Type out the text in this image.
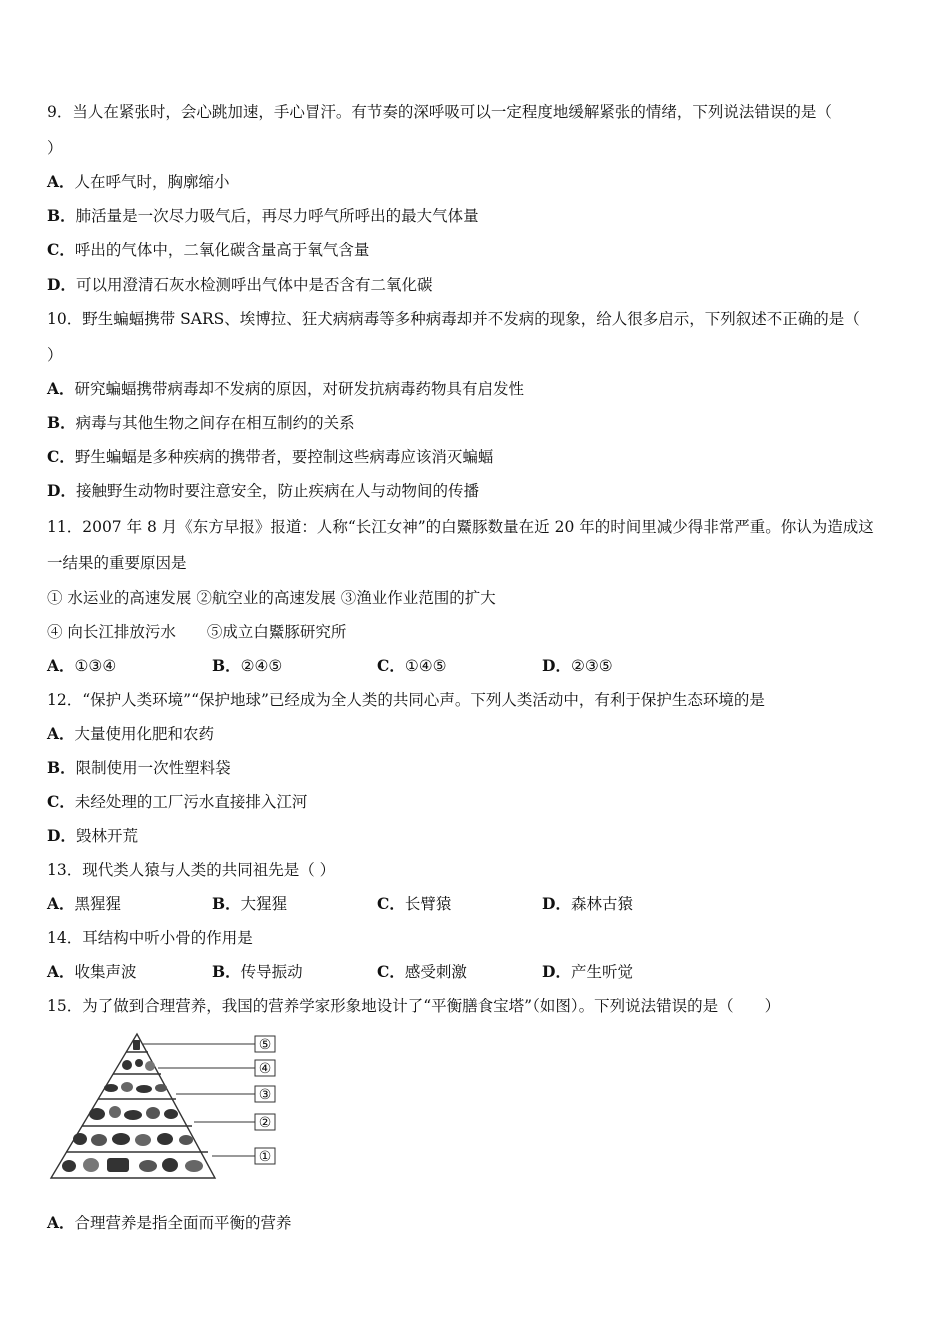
9．当人在紧张时，会心跳加速，手心冒汗。有节奏的深呼吸可以一定程度地缓解紧张的情绪，下列说法错误的是（
）
A．人在呼气时，胸廓缩小
B．肺活量是一次尽力吸气后，再尽力呼气所呼出的最大气体量
C．呼出的气体中，二氧化碳含量高于氧气含量
D．可以用澄清石灰水检测呼出气体中是否含有二氧化碳
10．野生蝙蝠携带 SARS、埃博拉、狂犬病病毒等多种病毒却并不发病的现象，给人很多启示，下列叙述不正确的是（
）
A．研究蝙蝠携带病毒却不发病的原因，对研发抗病毒药物具有启发性
B．病毒与其他生物之间存在相互制约的关系
C．野生蝙蝠是多种疾病的携带者，要控制这些病毒应该消灭蝙蝠
D．接触野生动物时要注意安全，防止疾病在人与动物间的传播
11．2007 年 8 月《东方早报》报道：人称“长江女神”的白鱀豚数量在近 20 年的时间里减少得非常严重。你认为造成这
一结果的重要原因是
① 水运业的高速发展 ②航空业的高速发展 ③渔业作业范围的扩大
④ 向长江排放污水　　⑤成立白鱀豚研究所
A．①③④	B．②④⑤	C．①④⑤	D．②③⑤
12．“保护人类环境”“保护地球”已经成为全人类的共同心声。下列人类活动中，有利于保护生态环境的是
A．大量使用化肥和农药
B．限制使用一次性塑料袋
C．未经处理的工厂污水直接排入江河
D．毁林开荒
13．现代类人猿与人类的共同祖先是（ ）
A．黑猩猩	B．大猩猩	C．长臂猿	D．森林古猿
14．耳结构中听小骨的作用是
A．收集声波	B．传导振动	C．感受刺激	D．产生听觉
15．为了做到合理营养，我国的营养学家形象地设计了“平衡膳食宝塔”（如图）。下列说法错误的是（　　）
⑤
④
③
②
①
A．合理营养是指全面而平衡的营养
